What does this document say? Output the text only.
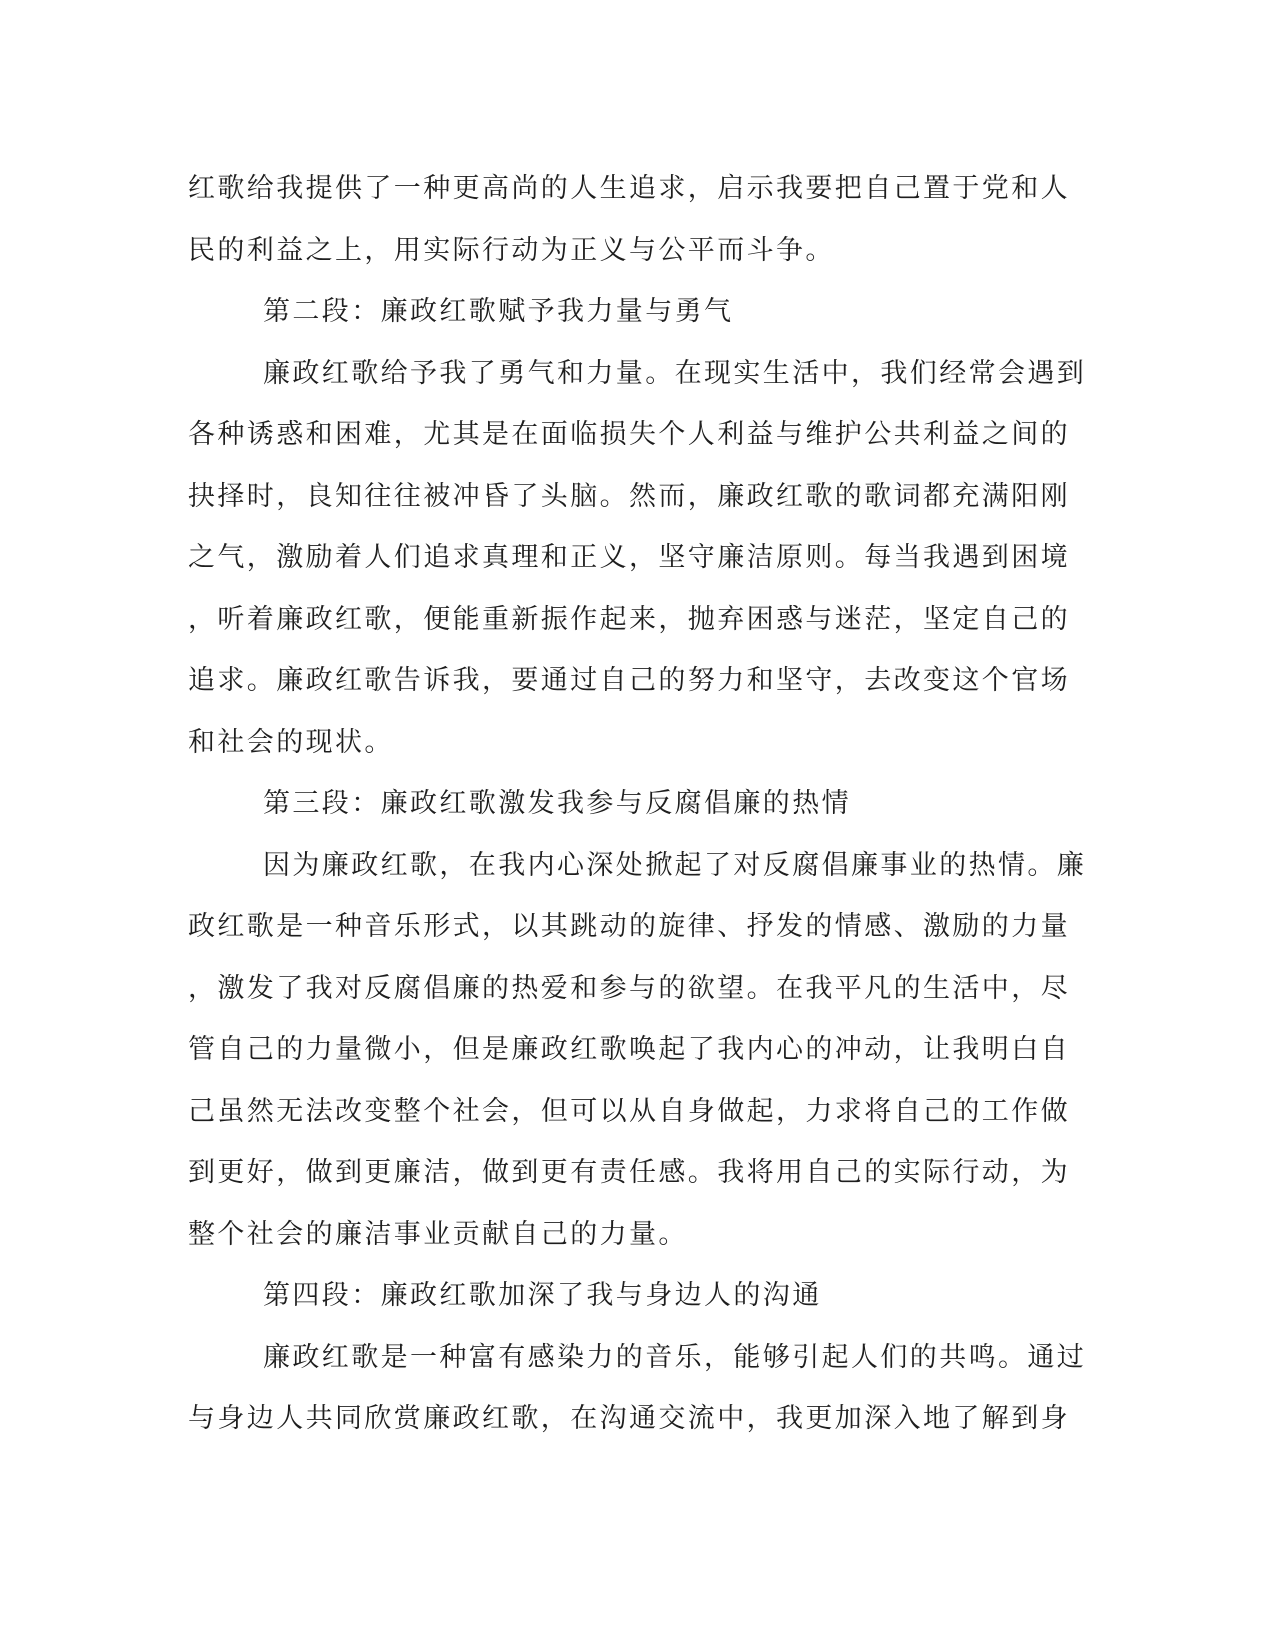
红歌给我提供了一种更高尚的人生追求，启示我要把自己置于党和人
民的利益之上，用实际行动为正义与公平而斗争。
第二段：廉政红歌赋予我力量与勇气
廉政红歌给予我了勇气和力量。在现实生活中，我们经常会遇到
各种诱惑和困难，尤其是在面临损失个人利益与维护公共利益之间的
抉择时，良知往往被冲昏了头脑。然而，廉政红歌的歌词都充满阳刚
之气，激励着人们追求真理和正义，坚守廉洁原则。每当我遇到困境
，听着廉政红歌，便能重新振作起来，抛弃困惑与迷茫，坚定自己的
追求。廉政红歌告诉我，要通过自己的努力和坚守，去改变这个官场
和社会的现状。
第三段：廉政红歌激发我参与反腐倡廉的热情
因为廉政红歌，在我内心深处掀起了对反腐倡廉事业的热情。廉
政红歌是一种音乐形式，以其跳动的旋律、抒发的情感、激励的力量
，激发了我对反腐倡廉的热爱和参与的欲望。在我平凡的生活中，尽
管自己的力量微小，但是廉政红歌唤起了我内心的冲动，让我明白自
己虽然无法改变整个社会，但可以从自身做起，力求将自己的工作做
到更好，做到更廉洁，做到更有责任感。我将用自己的实际行动，为
整个社会的廉洁事业贡献自己的力量。
第四段：廉政红歌加深了我与身边人的沟通
廉政红歌是一种富有感染力的音乐，能够引起人们的共鸣。通过
与身边人共同欣赏廉政红歌，在沟通交流中，我更加深入地了解到身
